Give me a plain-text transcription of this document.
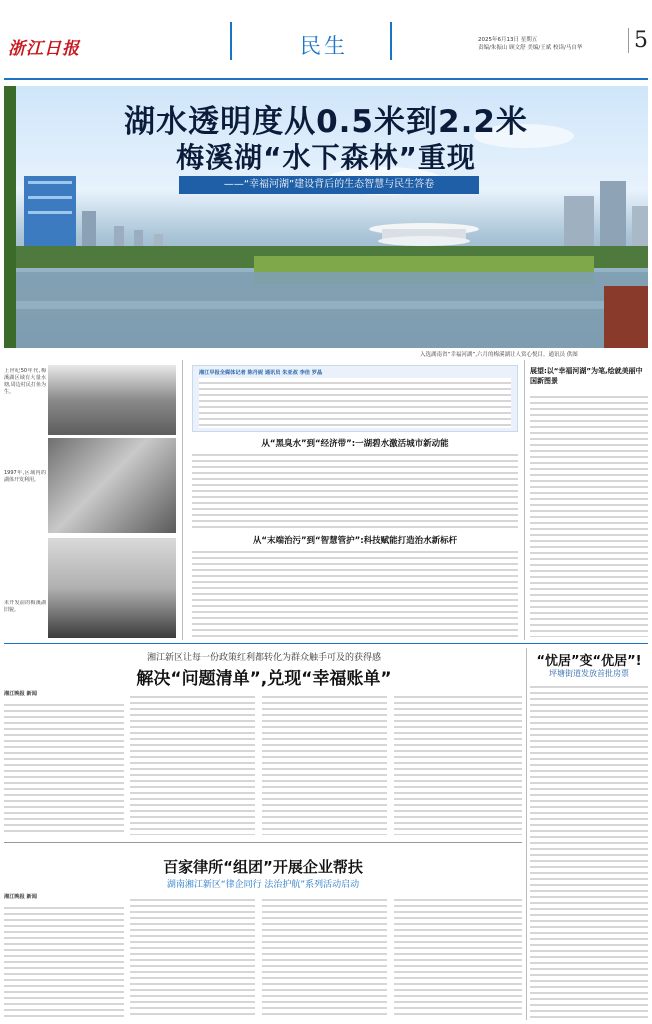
浙江日报	民生	2025年6月13日 星期五
责编/朱振山 顾文舒 美编/王斌 校读/马自华	5
湖水透明度从0.5米到2.2米
梅溪湖“水下森林”重现
——“幸福河湖”建设背后的生态智慧与民生答卷
入选湖南省“幸福河湖”,六月的梅溪湖让人赏心悦目。通讯员 供图
上世纪50年代,梅溪湖区域有大量水塘,周边村民打鱼为生。
1997年,区域内的湖体开发利用。
未开发前的梅溪湖旧貌。
湘江早报全媒体记者 陈丹妮 通讯员 朱亚叔 李佳 罗晶
从“黑臭水”到“经济带”:一湖碧水激活城市新动能
从“末端治污”到“智慧管护”:科技赋能打造治水新标杆
展望:以“幸福河湖”为笔,绘就美丽中国新图景
湘江新区让每一份政策红利都转化为群众触手可及的获得感
解决“问题清单”,兑现“幸福账单”
湘江晚报 新闻
百家律所“组团”开展企业帮扶
湖南湘江新区“律企同行 法治护航”系列活动启动
湘江晚报 新闻
“忧居”变“优居”!
坪塘街道发放首批房票
